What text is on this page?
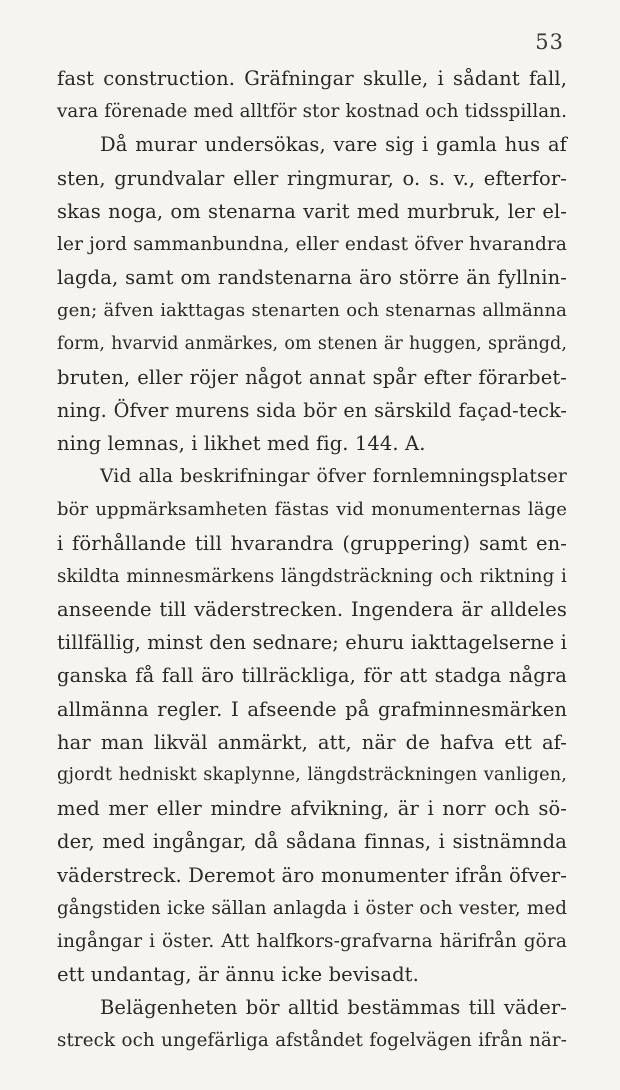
53
fast construction. Gräfningar skulle, i sådant fall,
vara förenade med alltför stor kostnad och tidsspillan.
Då murar undersökas, vare sig i gamla hus af
sten, grundvalar eller ringmurar, o. s. v., efterfor-
skas noga, om stenarna varit med murbruk, ler el-
ler jord sammanbundna, eller endast öfver hvarandra
lagda, samt om randstenarna äro större än fyllnin-
gen; äfven iakttagas stenarten och stenarnas allmänna
form, hvarvid anmärkes, om stenen är huggen, sprängd,
bruten, eller röjer något annat spår efter förarbet-
ning. Öfver murens sida bör en särskild façad-teck-
ning lemnas, i likhet med fig. 144. A.
Vid alla beskrifningar öfver fornlemningsplatser
bör uppmärksamheten fästas vid monumenternas läge
i förhållande till hvarandra (gruppering) samt en-
skildta minnesmärkens längdsträckning och riktning i
anseende till väderstrecken. Ingendera är alldeles
tillfällig, minst den sednare; ehuru iakttagelserne i
ganska få fall äro tillräckliga, för att stadga några
allmänna regler. I afseende på grafminnesmärken
har man likväl anmärkt, att, när de hafva ett af-
gjordt hedniskt skaplynne, längdsträckningen vanligen,
med mer eller mindre afvikning, är i norr och sö-
der, med ingångar, då sådana finnas, i sistnämnda
väderstreck. Deremot äro monumenter ifrån öfver-
gångstiden icke sällan anlagda i öster och vester, med
ingångar i öster. Att halfkors-grafvarna härifrån göra
ett undantag, är ännu icke bevisadt.
Belägenheten bör alltid bestämmas till väder-
streck och ungefärliga afståndet fogelvägen ifrån när-
